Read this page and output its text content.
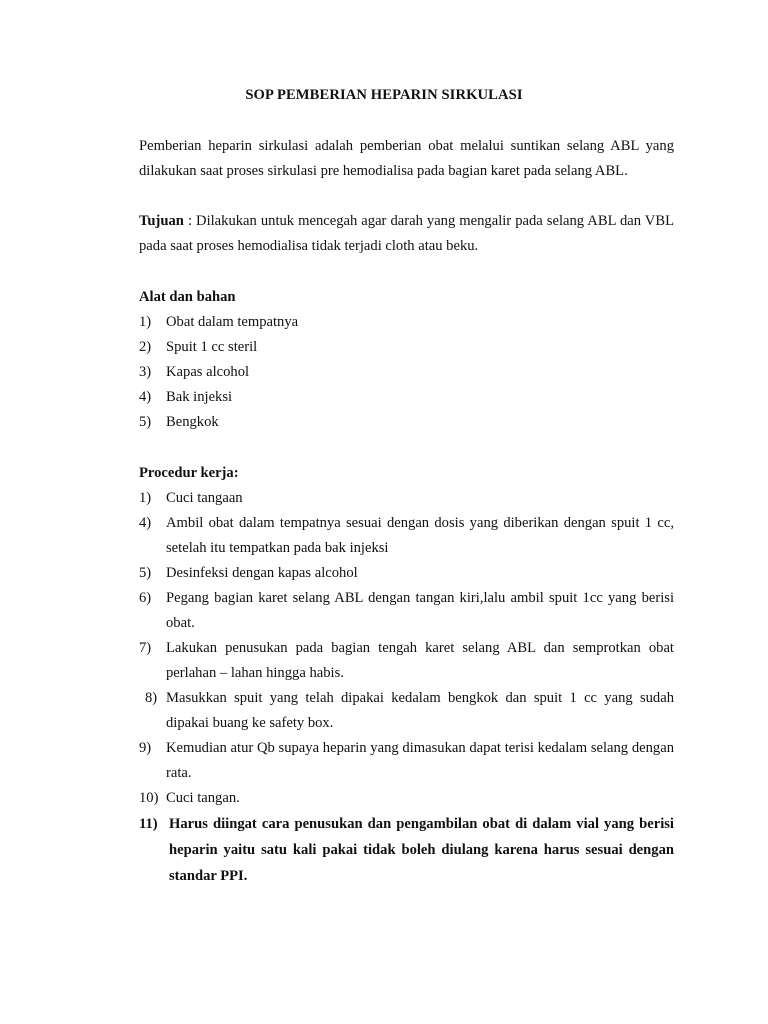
SOP PEMBERIAN HEPARIN SIRKULASI
Pemberian heparin sirkulasi adalah pemberian obat melalui suntikan selang ABL yang dilakukan saat proses sirkulasi pre hemodialisa pada bagian karet pada selang ABL.
Tujuan : Dilakukan untuk mencegah agar darah yang mengalir pada selang ABL dan VBL pada saat proses hemodialisa tidak terjadi cloth atau beku.
Alat dan bahan
1) Obat dalam tempatnya
2) Spuit 1 cc steril
3) Kapas alcohol
4) Bak injeksi
5) Bengkok
Procedur kerja:
1) Cuci tangaan
4) Ambil obat dalam tempatnya sesuai dengan dosis yang diberikan dengan spuit 1 cc, setelah itu tempatkan pada bak injeksi
5) Desinfeksi dengan kapas alcohol
6) Pegang bagian karet selang ABL dengan tangan kiri,lalu ambil spuit 1cc yang berisi obat.
7) Lakukan penusukan pada bagian tengah karet selang ABL dan semprotkan obat perlahan – lahan hingga habis.
8) Masukkan spuit yang telah dipakai kedalam bengkok dan spuit 1 cc yang sudah dipakai buang ke safety box.
9) Kemudian atur Qb supaya heparin yang dimasukan dapat terisi kedalam selang dengan rata.
10) Cuci tangan.
11) Harus diingat cara penusukan dan pengambilan obat di dalam vial yang berisi heparin yaitu satu kali pakai tidak boleh diulang karena harus sesuai dengan standar PPI.
